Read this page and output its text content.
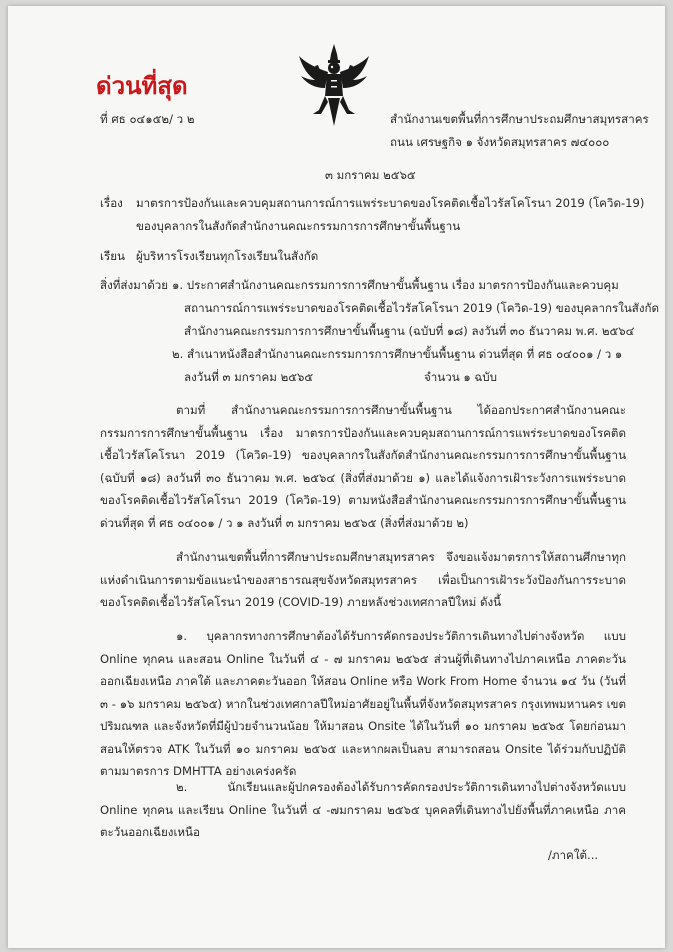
ด่วนที่สุด
ที่ ศธ ๐๔๑๕๒/ ว ๒	สำนักงานเขตพื้นที่การศึกษาประถมศึกษาสมุทรสาคร
ถนน เศรษฐกิจ ๑ จังหวัดสมุทรสาคร ๗๔๐๐๐
๓ มกราคม ๒๕๖๕
เรื่อง มาตรการป้องกันและควบคุมสถานการณ์การแพร่ระบาดของโรคติดเชื้อไวรัสโคโรนา 2019 (โควิด-19)
ของบุคลากรในสังกัดสำนักงานคณะกรรมการการศึกษาขั้นพื้นฐาน
เรียน ผู้บริหารโรงเรียนทุกโรงเรียนในสังกัด
สิ่งที่ส่งมาด้วย ๑. ประกาศสำนักงานคณะกรรมการการศึกษาขั้นพื้นฐาน เรื่อง มาตรการป้องกันและควบคุม
สถานการณ์การแพร่ระบาดของโรคติดเชื้อไวรัสโคโรนา 2019 (โควิด-19) ของบุคลากรในสังกัด
สำนักงานคณะกรรมการการศึกษาขั้นพื้นฐาน (ฉบับที่ ๑๘) ลงวันที่ ๓๐ ธันวาคม พ.ศ. ๒๕๖๔
๒. สำเนาหนังสือสำนักงานคณะกรรมการการศึกษาขั้นพื้นฐาน ด่วนที่สุด ที่ ศธ ๐๔๐๐๑ / ว ๑
ลงวันที่ ๓ มกราคม ๒๕๖๕	จำนวน ๑ ฉบับ
ตามที่ สำนักงานคณะกรรมการการศึกษาขั้นพื้นฐาน ได้ออกประกาศสำนักงานคณะกรรมการการศึกษาขั้นพื้นฐาน เรื่อง มาตรการป้องกันและควบคุมสถานการณ์การแพร่ระบาดของโรคติดเชื้อไวรัสโคโรนา 2019 (โควิด-19) ของบุคลากรในสังกัดสำนักงานคณะกรรมการการศึกษาขั้นพื้นฐาน (ฉบับที่ ๑๘) ลงวันที่ ๓๐ ธันวาคม พ.ศ. ๒๕๖๔ (สิ่งที่ส่งมาด้วย ๑) และได้แจ้งการเฝ้าระวังการแพร่ระบาดของโรคติดเชื้อไวรัสโคโรนา 2019 (โควิด-19) ตามหนังสือสำนักงานคณะกรรมการการศึกษาขั้นพื้นฐาน ด่วนที่สุด ที่ ศธ ๐๔๐๐๑ / ว ๑ ลงวันที่ ๓ มกราคม ๒๕๖๕ (สิ่งที่ส่งมาด้วย ๒)
สำนักงานเขตพื้นที่การศึกษาประถมศึกษาสมุทรสาคร จึงขอแจ้งมาตรการให้สถานศึกษาทุกแห่งดำเนินการตามข้อแนะนำของสาธารณสุขจังหวัดสมุทรสาคร เพื่อเป็นการเฝ้าระวังป้องกันการระบาดของโรคติดเชื้อไวรัสโคโรนา 2019 (COVID-19) ภายหลังช่วงเทศกาลปีใหม่ ดังนี้
๑. บุคลากรทางการศึกษาต้องได้รับการคัดกรองประวัติการเดินทางไปต่างจังหวัด แบบ Online ทุกคน และสอน Online ในวันที่ ๔ - ๗ มกราคม ๒๕๖๕ ส่วนผู้ที่เดินทางไปภาคเหนือ ภาคตะวันออกเฉียงเหนือ ภาคใต้ และภาคตะวันออก ให้สอน Online หรือ Work From Home จำนวน ๑๔ วัน (วันที่ ๓ - ๑๖ มกราคม ๒๕๖๕) หากในช่วงเทศกาลปีใหม่อาศัยอยู่ในพื้นที่จังหวัดสมุทรสาคร กรุงเทพมหานคร เขตปริมณฑล และจังหวัดที่มีผู้ป่วยจำนวนน้อย ให้มาสอน Onsite ได้ในวันที่ ๑๐ มกราคม ๒๕๖๕ โดยก่อนมาสอนให้ตรวจ ATK ในวันที่ ๑๐ มกราคม ๒๕๖๕ และหากผลเป็นลบ สามารถสอน Onsite ได้ร่วมกับปฏิบัติตามมาตรการ DMHTTA อย่างเคร่งครัด
๒. นักเรียนและผู้ปกครองต้องได้รับการคัดกรองประวัติการเดินทางไปต่างจังหวัดแบบ Online ทุกคน และเรียน Online ในวันที่ ๔ -๗มกราคม ๒๕๖๕ บุคคลที่เดินทางไปยังพื้นที่ภาคเหนือ ภาคตะวันออกเฉียงเหนือ
/ภาคใต้...
